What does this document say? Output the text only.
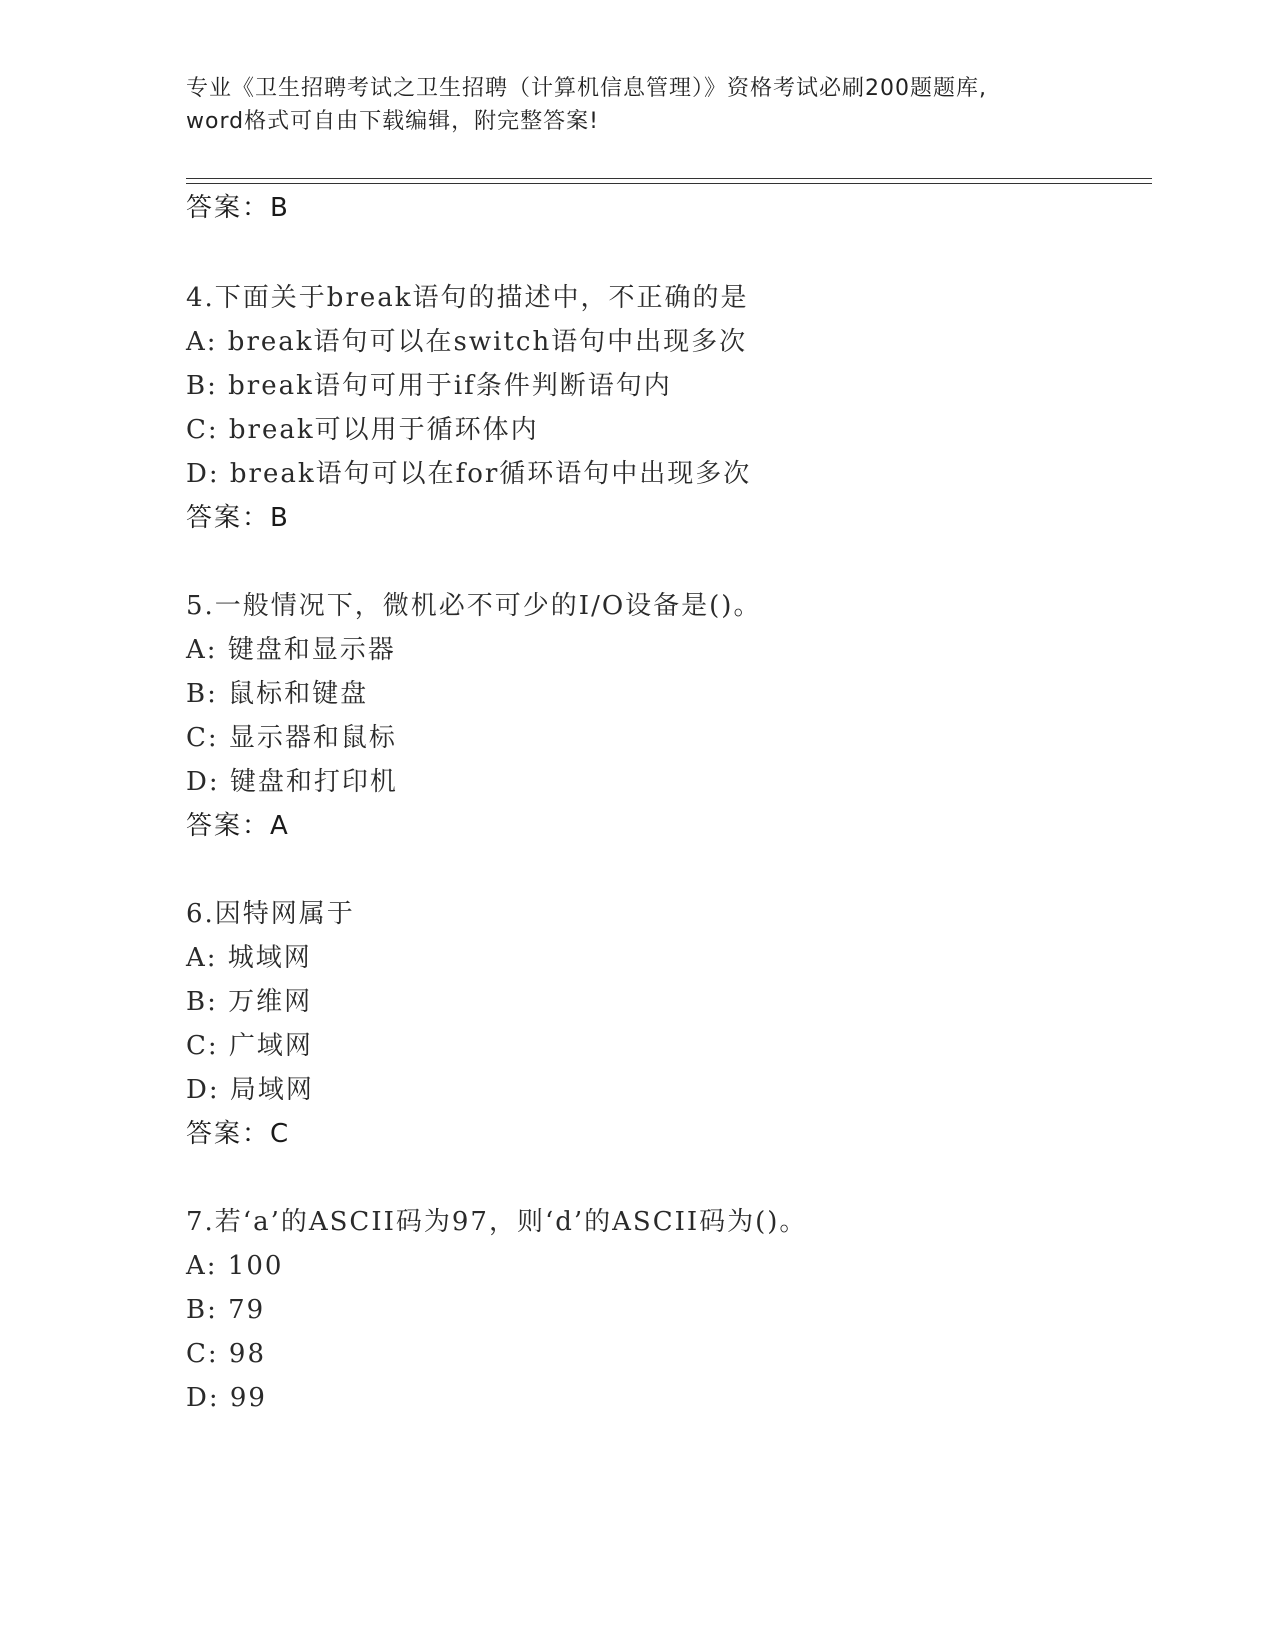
专业《卫生招聘考试之卫生招聘（计算机信息管理）》资格考试必刷200题题库,
word格式可自由下载编辑，附完整答案!
答案：B
4.下面关于break语句的描述中，不正确的是
A: break语句可以在switch语句中出现多次
B: break语句可用于if条件判断语句内
C: break可以用于循环体内
D: break语句可以在for循环语句中出现多次
答案：B
5.一般情况下，微机必不可少的I/O设备是()。
A: 键盘和显示器
B: 鼠标和键盘
C: 显示器和鼠标
D: 键盘和打印机
答案：A
6.因特网属于
A: 城域网
B: 万维网
C: 广域网
D: 局域网
答案：C
7.若‘a’的ASCII码为97，则‘d’的ASCII码为()。
A: 100
B: 79
C: 98
D: 99
